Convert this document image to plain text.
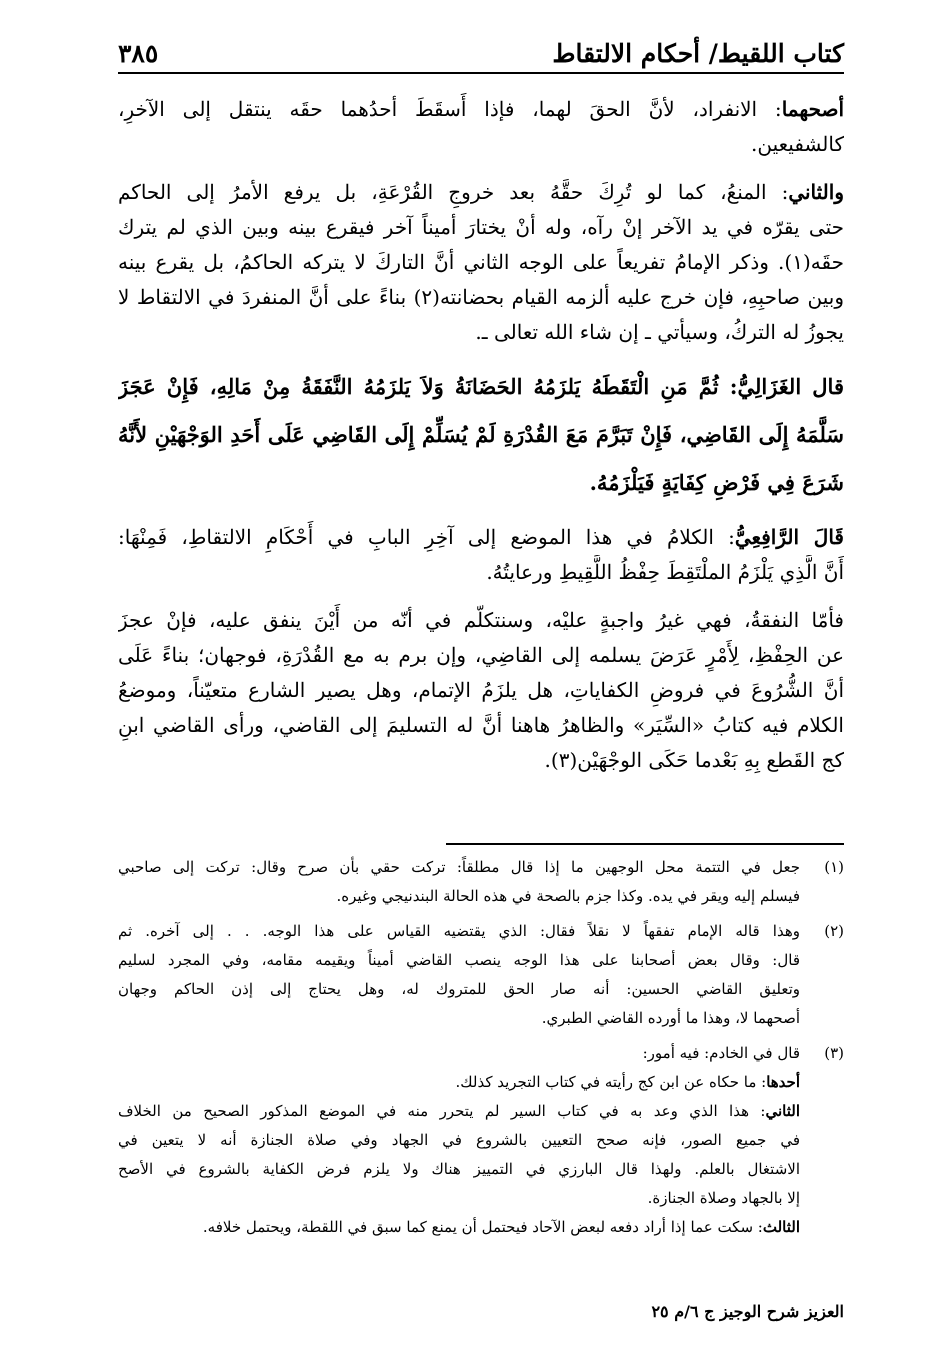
كتاب اللقيط/ أحكام الالتقاط
٣٨٥
أصحهما: الانفراد، لأنَّ الحقَ لهما، فإذا أَسقَطَ أحدُهما حقَه ينتقل إلى الآخرِ،
كالشفيعين.
والثاني: المنعُ، كما لو تُرِكَ حقَّهُ بعد خروجِ القُرْعَةِ، بل يرفع الأمرُ إلى الحاكم
حتى يقرّه في يد الآخر إنْ رآه، وله أنْ يختارَ أميناً آخر فيقرع بينه وبين الذي لم يترك
حقَه(١). وذكر الإمامُ تفريعاً على الوجه الثاني أنَّ التاركَ لا يتركه الحاكمُ، بل يقرع بينه
وبين صاحبِهِ، فإن خرج عليه ألزمه القيام بحضانته(٢) بناءً على أنَّ المنفردَ في الالتقاط لا
يجوزُ له التركُ، وسيأتي ـ إن شاء الله تعالى ـ.
قال الغَزَالِيُّ: ثُمَّ مَنِ الْتَقَطَهُ يَلزَمُهُ الحَضَانَةُ وَلاَ يَلزَمُهُ النَّفَقَةُ مِنْ مَالِهِ، فَإِنْ عَجَزَ
سَلَّمَهُ إِلَى القَاضِي، فَإِنْ تَبَرَّمَ مَعَ القُدْرَةِ لَمْ يُسَلِّمْ إِلَى القَاضِي عَلَى أَحَدِ الوَجْهَيْنِ لأَنَّهُ
شَرَعَ فِي فَرْضِ كِفَايَةٍ فَيَلْزَمُهُ.
قَالَ الرَّافِعِيُّ: الكلامُ في هذا الموضع إلى آخِرِ البابِ في أَحْكَامِ الالتقاطِ، فَمِنْهَا:
أَنَّ الَّذِي يَلْزَمُ الملْتَقِطَ حِفْظُ اللَّقِيطِ ورعايتُهُ.
فأمّا النفقةُ، فهي غيرُ واجبةٍ عليْه، وسنتكلّم في أنّه من أَيْنَ ينفق عليه، فإنْ عجزَ
عن الحِفْظِ، لِأَمْرٍ عَرَضَ يسلمه إلى القاضِي، وإن برم به مع القُدْرَةِ، فوجهان؛ بناءً عَلَى
أنَّ الشُّرُوعَ في فروضِ الكفاياتِ، هل يلزَمُ الإتمام، وهل يصير الشارع متعيّناً، وموضعُ
الكلام فيه كتابُ «السِّيَر» والظاهرُ هاهنا أنَّ له التسليمَ إلى القاضي، ورأى القاضي ابنِ
كج القَطع بِهِ بَعْدما حَكَى الوجْهَيْن(٣).
(١)جعل في التتمة محل الوجهين ما إذا قال مطلقاً: تركت حقي بأن صرح وقال: تركت إلى صاحبي
فيسلم إليه ويقر في يده. وكذا جزم بالصحة في هذه الحالة البندنيجي وغيره.
(٢)وهذا قاله الإمام تفقهاً لا نقلاً فقال: الذي يقتضيه القياس على هذا الوجه. . . إلى آخره. ثم
قال: وقال بعض أصحابنا على هذا الوجه ينصب القاضي أميناً ويقيمه مقامه، وفي المجرد لسليم
وتعليق القاضي الحسين: أنه صار الحق للمتروك له، وهل يحتاج إلى إذن الحاكم وجهان
أصحهما لا، وهذا ما أورده القاضي الطبري.
(٣)قال في الخادم: فيه أمور:
أحدها: ما حكاه عن ابن كج رأيته في كتاب التجريد كذلك.
الثاني: هذا الذي وعد به في كتاب السير لم يتحرر منه في الموضع المذكور الصحيح من الخلاف
في جميع الصور، فإنه صحح التعيين بالشروع في الجهاد وفي صلاة الجنازة أنه لا يتعين في
الاشتغال بالعلم. ولهذا قال البارزي في التمييز هناك ولا يلزم فرض الكفاية بالشروع في الأصح
إلا بالجهاد وصلاة الجنازة.
الثالث: سكت عما إذا أراد دفعه لبعض الآحاد فيحتمل أن يمنع كما سبق في اللقطة، ويحتمل خلافه.
العزيز شرح الوجيز ج ٦/م ٢٥
